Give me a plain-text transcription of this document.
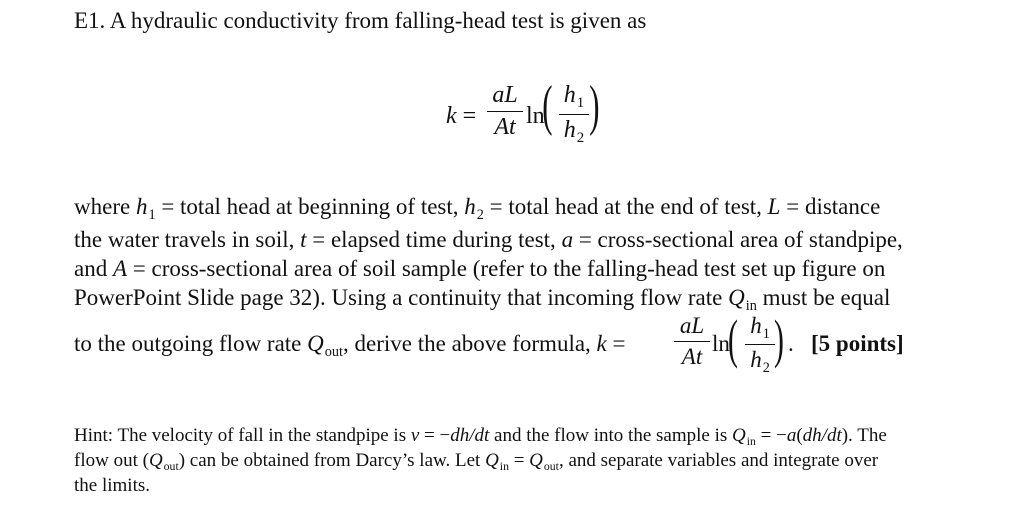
E1. A hydraulic conductivity from falling-head test is given as
k =
aL
At ln
( h1
h2
)
where h1 = total head at beginning of test, h2 = total head at the end of test, L = distance
the water travels in soil, t = elapsed time during test, a = cross-sectional area of standpipe,
and A = cross-sectional area of soil sample (refer to the falling-head test set up figure on
PowerPoint Slide page 32). Using a continuity that incoming flow rate Qin must be equal
to the outgoing flow rate Qout, derive the above formula, k =
aL
At
ln
( h1
h2 ) . [5 points]
Hint: The velocity of fall in the standpipe is v = −dh/dt and the flow into the sample is Qin = −a(dh/dt). The
flow out (Qout) can be obtained from Darcy’s law. Let Qin = Qout, and separate variables and integrate over
the limits.
